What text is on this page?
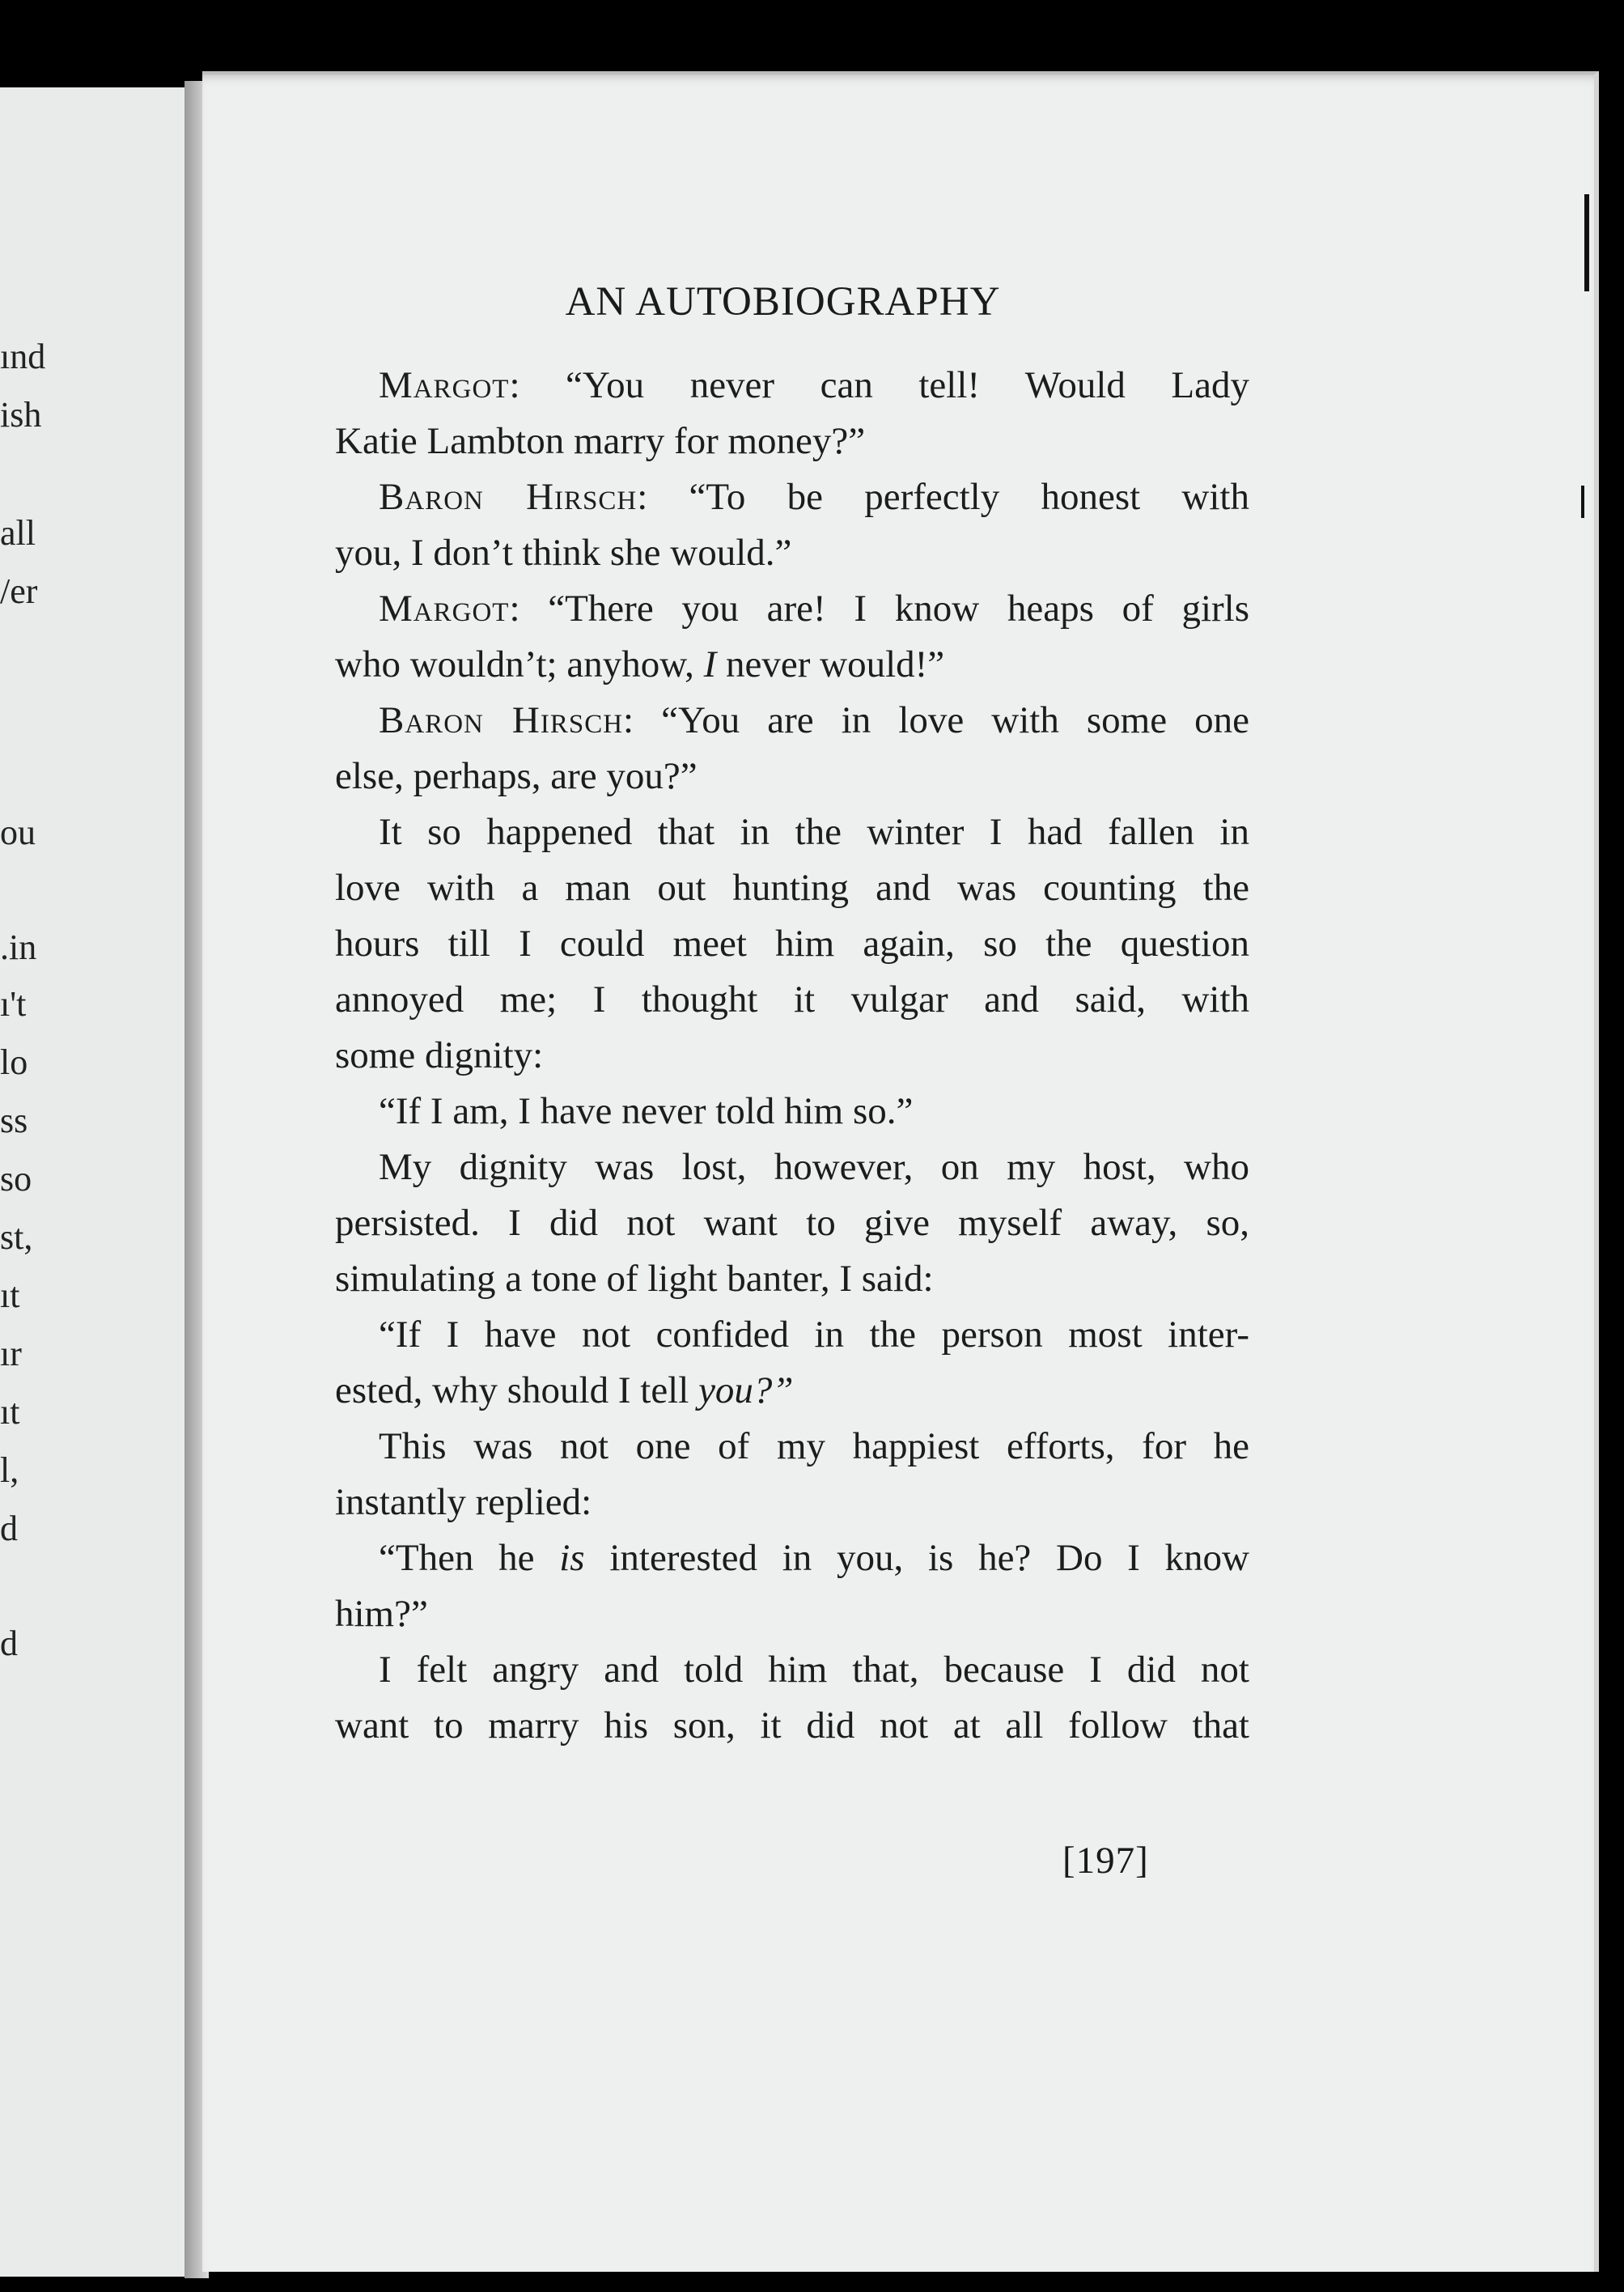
ınd
ish
all
/er
ou
.in
ı't
lo
ss
so
st,
ıt
ır
ıt
l,
d
d
AN AUTOBIOGRAPHY
Margot: “You never can tell! Would Lady
Katie Lambton marry for money?”
Baron Hirsch: “To be perfectly honest with
you, I don’t think she would.”
Margot: “There you are! I know heaps of girls
who wouldn’t; anyhow, I never would!”
Baron Hirsch: “You are in love with some one
else, perhaps, are you?”
It so happened that in the winter I had fallen in
love with a man out hunting and was counting the
hours till I could meet him again, so the question
annoyed me; I thought it vulgar and said, with
some dignity:
“If I am, I have never told him so.”
My dignity was lost, however, on my host, who
persisted. I did not want to give myself away, so,
simulating a tone of light banter, I said:
“If I have not confided in the person most inter-
ested, why should I tell you?”
This was not one of my happiest efforts, for he
instantly replied:
“Then he is interested in you, is he? Do I know
him?”
I felt angry and told him that, because I did not
want to marry his son, it did not at all follow that
[197]
